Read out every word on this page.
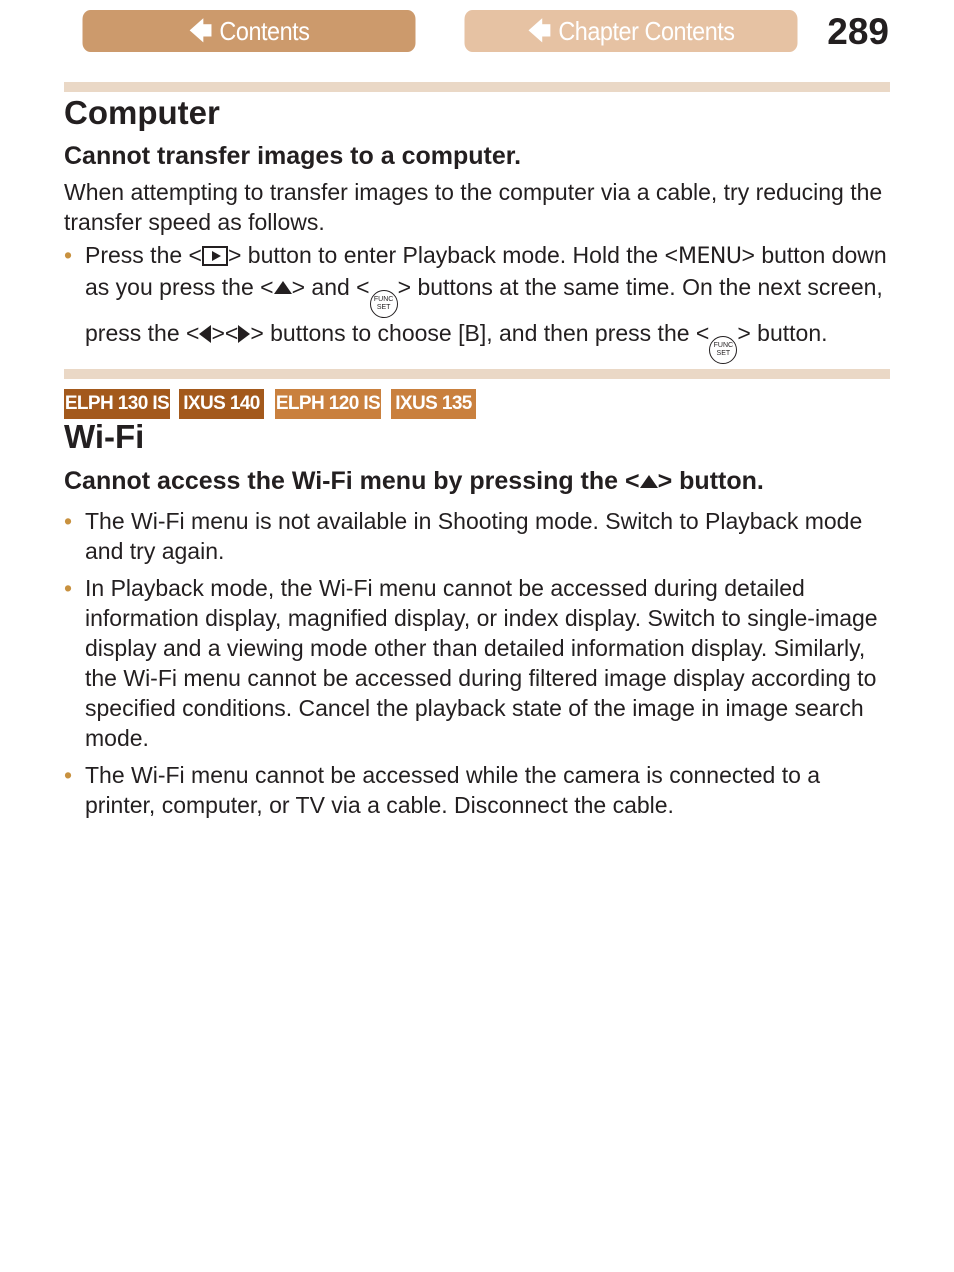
🡄 Contents	🡄 Chapter Contents	289
Computer
Cannot transfer images to a computer.

When attempting to transfer images to the computer via a cable, try reducing the transfer speed as follows.

• Press the < > button to enter Playback mode. Hold the <MENU> button down as you press the < > and < FUNC
SET
> buttons at the same time. On the next screen, press the < >< > buttons to choose [B], and then press the < FUNC
SET
> button.
ELPH 130 IS IXUS 140 ELPH 120 IS IXUS 135
Wi-Fi
Cannot access the Wi-Fi menu by pressing the < > button.
• The Wi-Fi menu is not available in Shooting mode. Switch to Playback mode and try again.
• In Playback mode, the Wi-Fi menu cannot be accessed during detailed information display, magnified display, or index display. Switch to single-image display and a viewing mode other than detailed information display. Similarly, the Wi-Fi menu cannot be accessed during filtered image display according to specified conditions. Cancel the playback state of the image in image search mode.
• The Wi-Fi menu cannot be accessed while the camera is connected to a printer, computer, or TV via a cable. Disconnect the cable.
